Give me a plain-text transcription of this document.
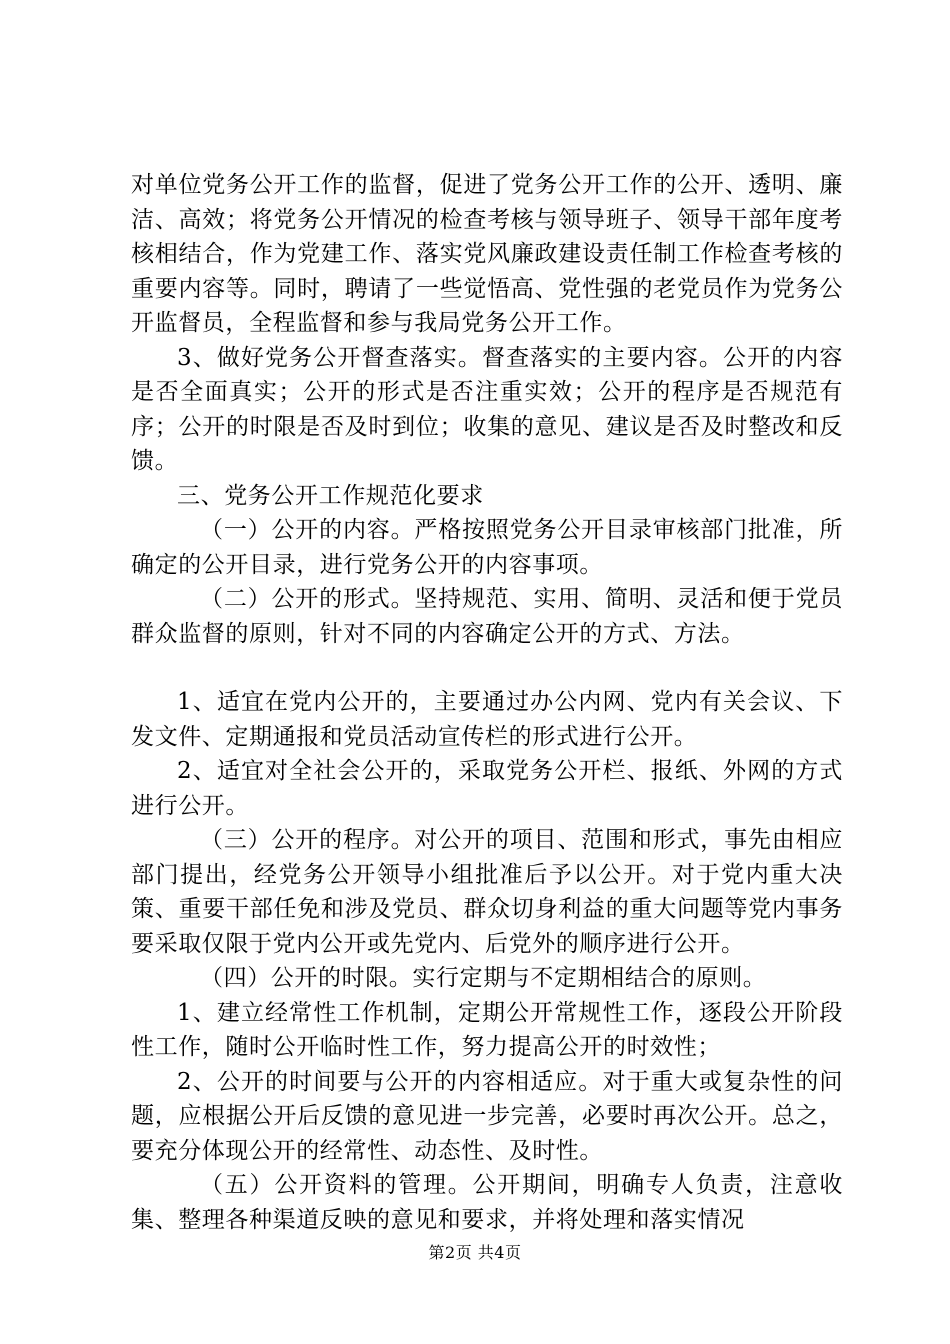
对单位党务公开工作的监督，促进了党务公开工作的公开、透明、廉洁、高效；将党务公开情况的检查考核与领导班子、领导干部年度考核相结合，作为党建工作、落实党风廉政建设责任制工作检查考核的重要内容等。同时，聘请了一些觉悟高、党性强的老党员作为党务公开监督员，全程监督和参与我局党务公开工作。

3、做好党务公开督查落实。督查落实的主要内容。公开的内容是否全面真实；公开的形式是否注重实效；公开的程序是否规范有序；公开的时限是否及时到位；收集的意见、建议是否及时整改和反馈。

三、党务公开工作规范化要求

（一）公开的内容。严格按照党务公开目录审核部门批准，所确定的公开目录，进行党务公开的内容事项。

（二）公开的形式。坚持规范、实用、简明、灵活和便于党员群众监督的原则，针对不同的内容确定公开的方式、方法。

1、适宜在党内公开的，主要通过办公内网、党内有关会议、下发文件、定期通报和党员活动宣传栏的形式进行公开。

2、适宜对全社会公开的，采取党务公开栏、报纸、外网的方式进行公开。

（三）公开的程序。对公开的项目、范围和形式，事先由相应部门提出，经党务公开领导小组批准后予以公开。对于党内重大决策、重要干部任免和涉及党员、群众切身利益的重大问题等党内事务要采取仅限于党内公开或先党内、后党外的顺序进行公开。

（四）公开的时限。实行定期与不定期相结合的原则。

1、建立经常性工作机制，定期公开常规性工作，逐段公开阶段性工作，随时公开临时性工作，努力提高公开的时效性；

2、公开的时间要与公开的内容相适应。对于重大或复杂性的问题，应根据公开后反馈的意见进一步完善，必要时再次公开。总之，要充分体现公开的经常性、动态性、及时性。

（五）公开资料的管理。公开期间，明确专人负责，注意收集、整理各种渠道反映的意见和要求，并将处理和落实情况

第2页 共4页
